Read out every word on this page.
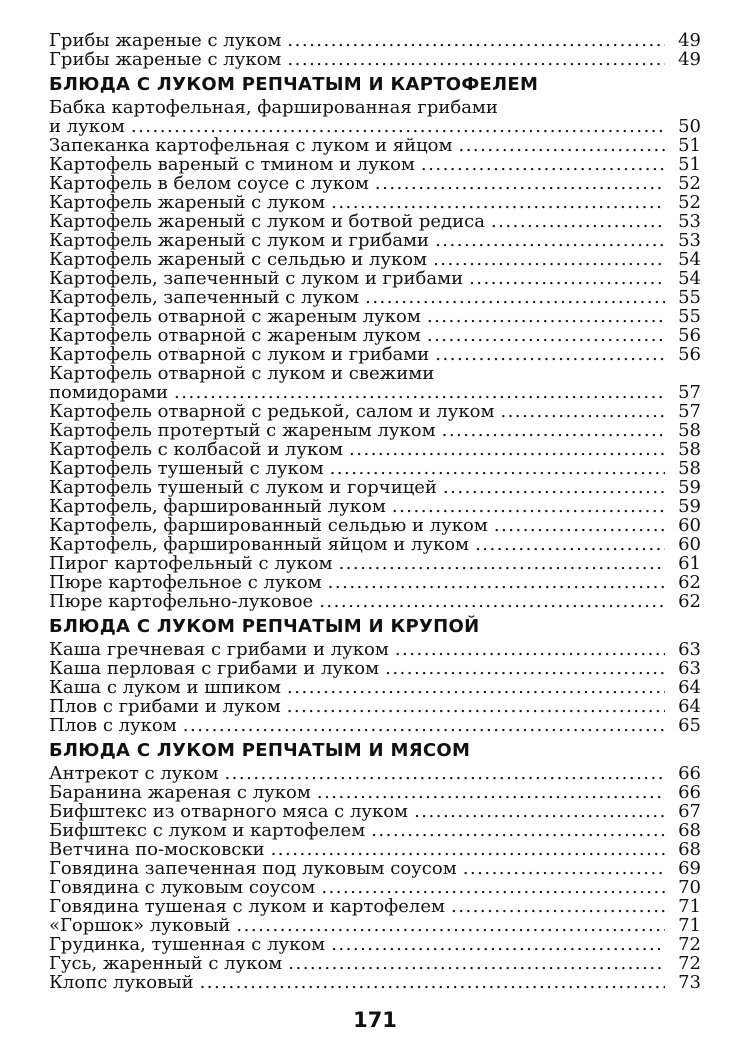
Грибы жареные с луком .....	49
Грибы жареные с луком .....	49
БЛЮДА С ЛУКОМ РЕПЧАТЫМ И КАРТОФЕЛЕМ
Бабка картофельная, фаршированная грибами
и луком .....	50
Запеканка картофельная с луком и яйцом .....	51
Картофель вареный с тмином и луком .....	51
Картофель в белом соусе с луком .....	52
Картофель жареный с луком .....	52
Картофель жареный с луком и ботвой редиса .....	53
Картофель жареный с луком и грибами .....	53
Картофель жареный с сельдью и луком .....	54
Картофель, запеченный с луком и грибами .....	54
Картофель, запеченный с луком .....	55
Картофель отварной с жареным луком .....	55
Картофель отварной с жареным луком .....	56
Картофель отварной с луком и грибами .....	56
Картофель отварной с луком и свежими
помидорами .....	57
Картофель отварной с редькой, салом и луком .....	57
Картофель протертый с жареным луком .....	58
Картофель с колбасой и луком .....	58
Картофель тушеный с луком .....	58
Картофель тушеный с луком и горчицей .....	59
Картофель, фаршированный луком .....	59
Картофель, фаршированный сельдью и луком .....	60
Картофель, фаршированный яйцом и луком .....	60
Пирог картофельный с луком .....	61
Пюре картофельное с луком .....	62
Пюре картофельно-луковое .....	62
БЛЮДА С ЛУКОМ РЕПЧАТЫМ И КРУПОЙ
Каша гречневая с грибами и луком .....	63
Каша перловая с грибами и луком .....	63
Каша с луком и шпиком .....	64
Плов с грибами и луком .....	64
Плов с луком .....	65
БЛЮДА С ЛУКОМ РЕПЧАТЫМ И МЯСОМ
Антрекот с луком .....	66
Баранина жареная с луком .....	66
Бифштекс из отварного мяса с луком .....	67
Бифштекс с луком и картофелем .....	68
Ветчина по-московски .....	68
Говядина запеченная под луковым соусом .....	69
Говядина с луковым соусом .....	70
Говядина тушеная с луком и картофелем .....	71
«Горшок» луковый .....	71
Грудинка, тушенная с луком .....	72
Гусь, жаренный с луком .....	72
Клопс луковый .....	73
171
